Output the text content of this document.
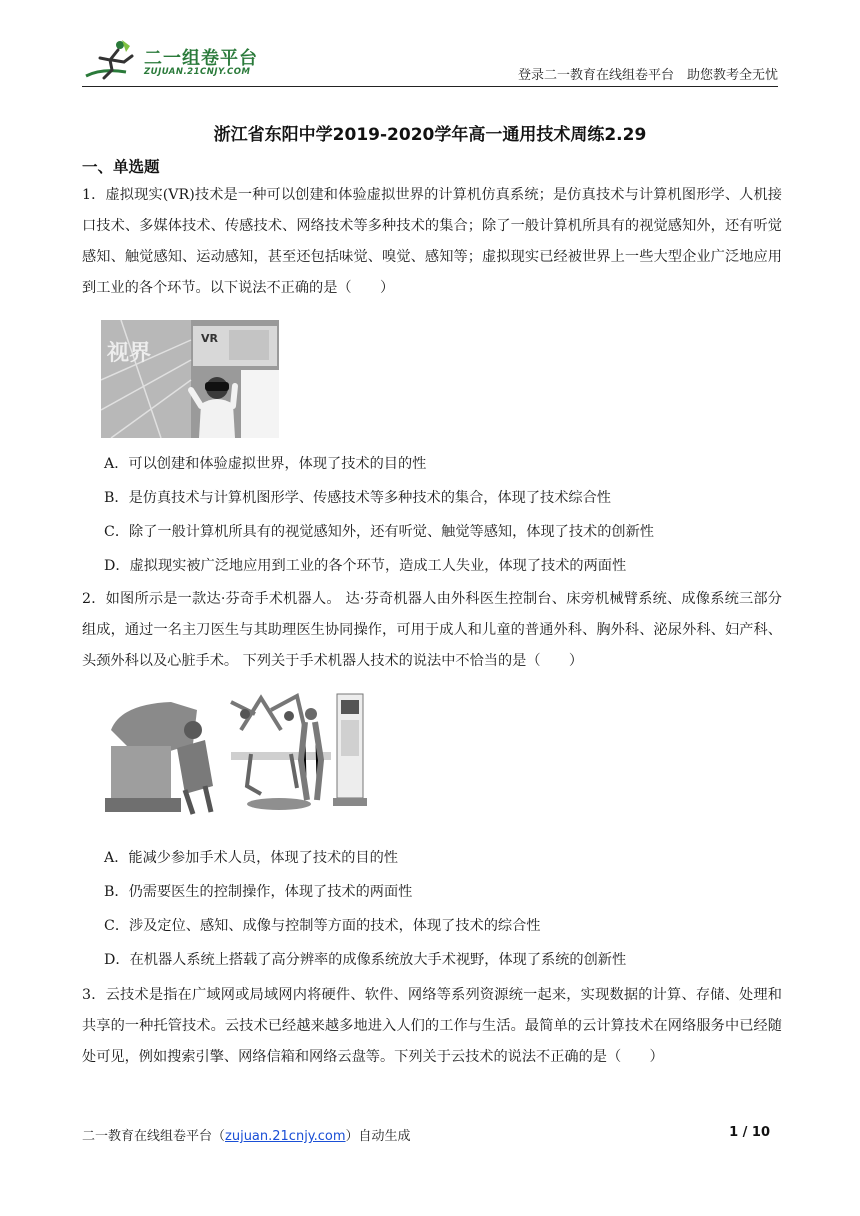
二一组卷平台
ZUJUAN.21CNJY.COM	登录二一教育在线组卷平台　助您教考全无忧
浙江省东阳中学2019-2020学年高一通用技术周练2.29
一、单选题

1．虚拟现实(VR)技术是一种可以创建和体验虚拟世界的计算机仿真系统；是仿真技术与计算机图形学、人机接口技术、多媒体技术、传感技术、网络技术等多种技术的集合；除了一般计算机所具有的视觉感知外，还有听觉感知、触觉感知、运动感知，甚至还包括味觉、嗅觉、感知等；虚拟现实已经被世界上一些大型企业广泛地应用到工业的各个环节。以下说法不正确的是（　　）

视界
VR
A．可以创建和体验虚拟世界，体现了技术的目的性
B．是仿真技术与计算机图形学、传感技术等多种技术的集合，体现了技术综合性
C．除了一般计算机所具有的视觉感知外，还有听觉、触觉等感知，体现了技术的创新性
D．虚拟现实被广泛地应用到工业的各个环节，造成工人失业，体现了技术的两面性

2．如图所示是一款达·芬奇手术机器人。 达·芬奇机器人由外科医生控制台、床旁机械臂系统、成像系统三部分组成，通过一名主刀医生与其助理医生协同操作，可用于成人和儿童的普通外科、胸外科、泌尿外科、妇产科、头颈外科以及心脏手术。 下列关于手术机器人技术的说法中不恰当的是（　　）

A．能减少参加手术人员，体现了技术的目的性
B．仍需要医生的控制操作，体现了技术的两面性
C．涉及定位、感知、成像与控制等方面的技术，体现了技术的综合性
D．在机器人系统上搭载了高分辨率的成像系统放大手术视野，体现了系统的创新性

3．云技术是指在广域网或局域网内将硬件、软件、网络等系列资源统一起来，实现数据的计算、存储、处理和共享的一种托管技术。云技术已经越来越多地进入人们的工作与生活。最简单的云计算技术在网络服务中已经随处可见，例如搜索引擎、网络信箱和网络云盘等。下列关于云技术的说法不正确的是（　　）

二一教育在线组卷平台（zujuan.21cnjy.com）自动生成	1 / 10
